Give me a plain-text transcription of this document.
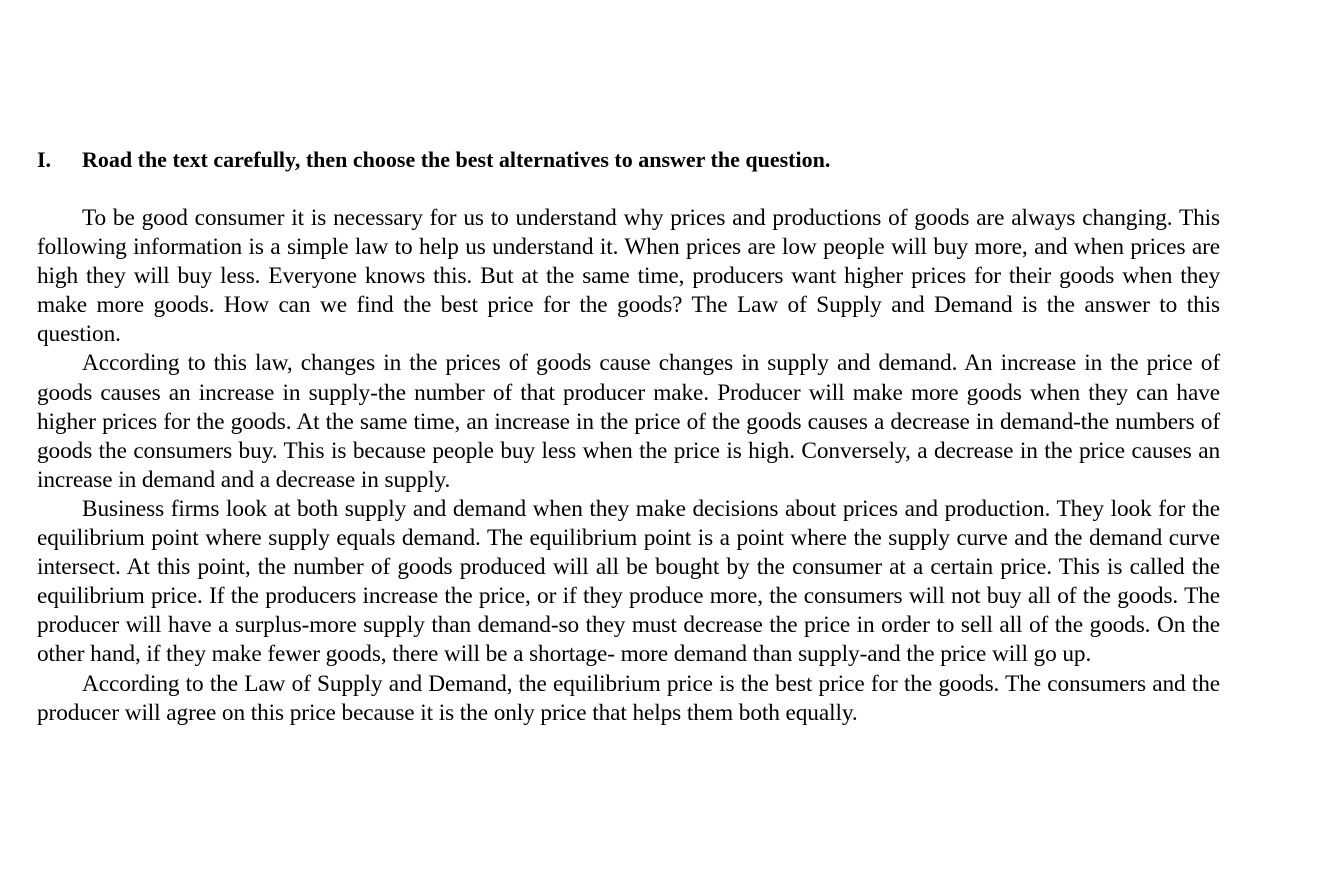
I.	Road the text carefully, then choose the best alternatives to answer the question.

To be good consumer it is necessary for us to understand why prices and productions of goods are always changing. This following information is a simple law to help us understand it. When prices are low people will buy more, and when prices are high they will buy less. Everyone knows this. But at the same time, producers want higher prices for their goods when they make more goods. How can we find the best price for the goods? The Law of Supply and Demand is the answer to this question.

According to this law, changes in the prices of goods cause changes in supply and demand. An increase in the price of goods causes an increase in supply-the number of that producer make. Producer will make more goods when they can have higher prices for the goods. At the same time, an increase in the price of the goods causes a decrease in demand-the numbers of goods the consumers buy. This is because people buy less when the price is high. Conversely, a decrease in the price causes an increase in demand and a decrease in supply.

Business firms look at both supply and demand when they make decisions about prices and production. They look for the equilibrium point where supply equals demand. The equilibrium point is a point where the supply curve and the demand curve intersect. At this point, the number of goods produced will all be bought by the consumer at a certain price. This is called the equilibrium price. If the producers increase the price, or if they produce more, the consumers will not buy all of the goods. The producer will have a surplus-more supply than demand-so they must decrease the price in order to sell all of the goods. On the other hand, if they make fewer goods, there will be a shortage- more demand than supply-and the price will go up.

According to the Law of Supply and Demand, the equilibrium price is the best price for the goods. The consumers and the producer will agree on this price because it is the only price that helps them both equally.
